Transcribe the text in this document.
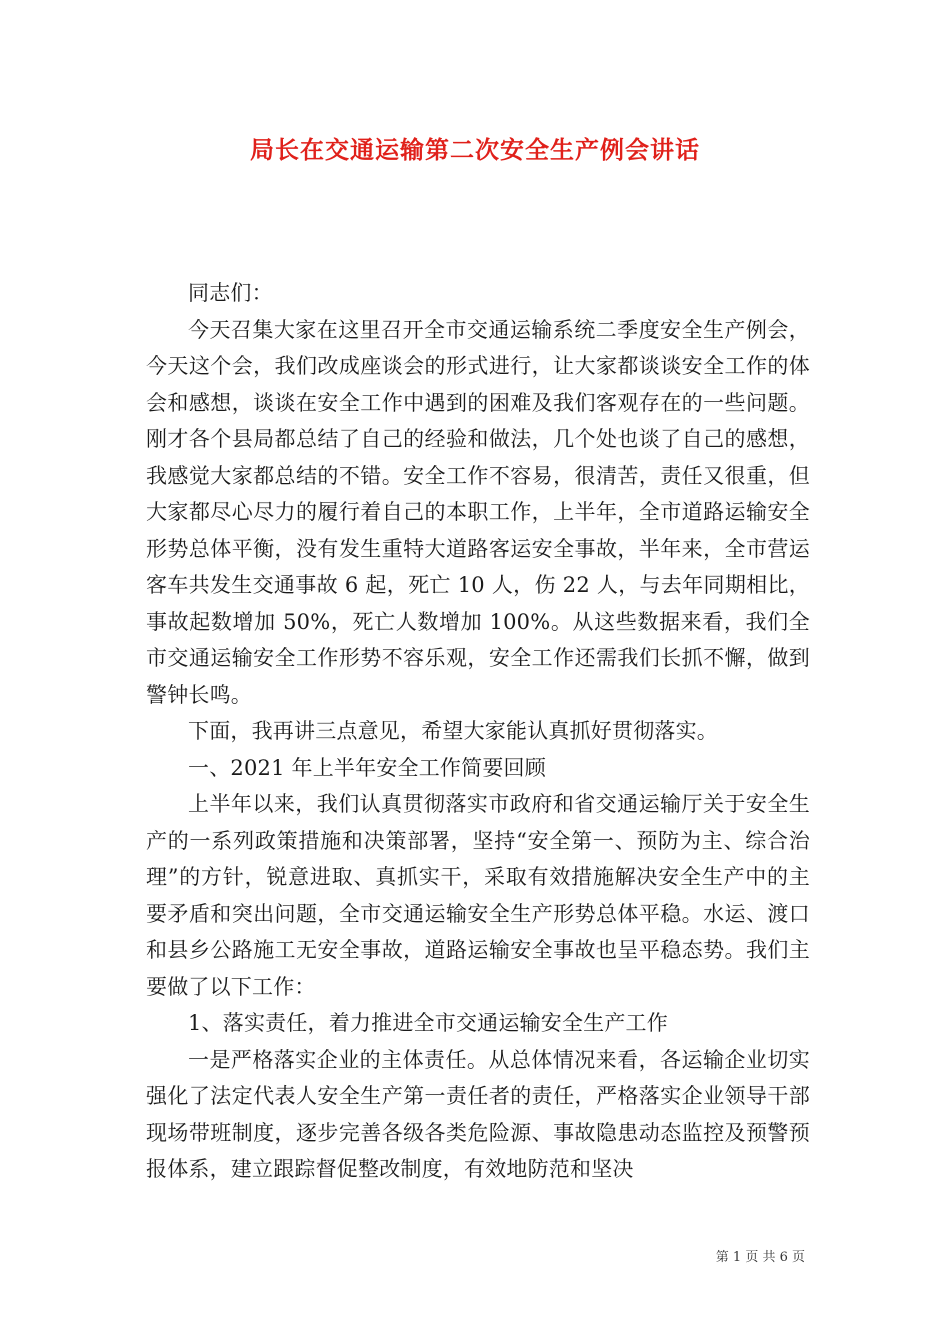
局长在交通运输第二次安全生产例会讲话

同志们：

今天召集大家在这里召开全市交通运输系统二季度安全生产例会，今天这个会，我们改成座谈会的形式进行，让大家都谈谈安全工作的体会和感想，谈谈在安全工作中遇到的困难及我们客观存在的一些问题。刚才各个县局都总结了自己的经验和做法，几个处也谈了自己的感想，我感觉大家都总结的不错。安全工作不容易，很清苦，责任又很重，但大家都尽心尽力的履行着自己的本职工作，上半年，全市道路运输安全形势总体平衡，没有发生重特大道路客运安全事故，半年来，全市营运客车共发生交通事故 6 起，死亡 10 人，伤 22 人，与去年同期相比，事故起数增加 50%，死亡人数增加 100%。从这些数据来看，我们全市交通运输安全工作形势不容乐观，安全工作还需我们长抓不懈，做到警钟长鸣。

下面，我再讲三点意见，希望大家能认真抓好贯彻落实。

一、2021 年上半年安全工作简要回顾

上半年以来，我们认真贯彻落实市政府和省交通运输厅关于安全生产的一系列政策措施和决策部署，坚持“安全第一、预防为主、综合治理”的方针，锐意进取、真抓实干，采取有效措施解决安全生产中的主要矛盾和突出问题，全市交通运输安全生产形势总体平稳。水运、渡口和县乡公路施工无安全事故，道路运输安全事故也呈平稳态势。我们主要做了以下工作：

1、落实责任，着力推进全市交通运输安全生产工作

一是严格落实企业的主体责任。从总体情况来看，各运输企业切实强化了法定代表人安全生产第一责任者的责任，严格落实企业领导干部现场带班制度，逐步完善各级各类危险源、事故隐患动态监控及预警预报体系，建立跟踪督促整改制度，有效地防范和坚决

第 1 页 共 6 页
